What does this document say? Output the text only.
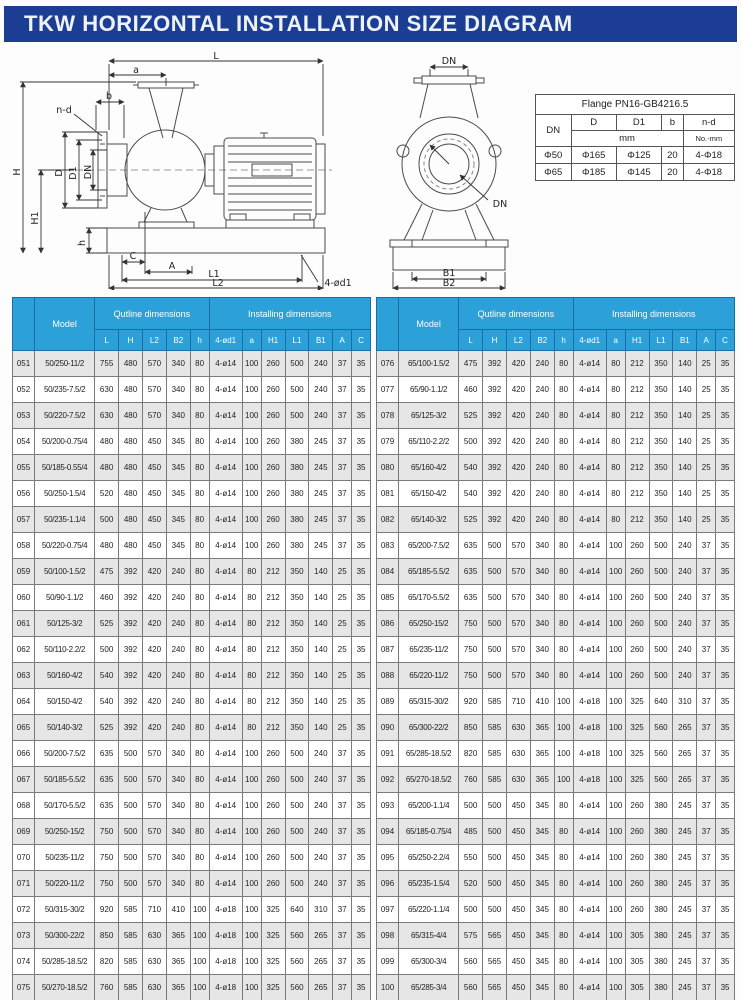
TKW HORIZONTAL INSTALLATION SIZE DIAGRAM
L
a
b
n-d
H
H1
D D1 DN
h
C
A
L1
L2	4-ød1
DN
DN
B1
B2
Flange PN16-GB4216.5				
DN	D	D1	b	n-d
	mm			No.-mm
Φ50	Φ165	Φ125	20	4-Φ18
Φ65	Φ185	Φ145	20	4-Φ18
	Model	Qutline dimensions					Installing dimensions						
		L	H	L2	B2	h	4-ød1	a	H1	L1	B1	A	C
051	50/250-11/2	755	480	570	340	80	4-ø14	100	260	500	240	37	35
052	50/235-7.5/2	630	480	570	340	80	4-ø14	100	260	500	240	37	35
053	50/220-7.5/2	630	480	570	340	80	4-ø14	100	260	500	240	37	35
054	50/200-0.75/4	480	480	450	345	80	4-ø14	100	260	380	245	37	35
055	50/185-0.55/4	480	480	450	345	80	4-ø14	100	260	380	245	37	35
056	50/250-1.5/4	520	480	450	345	80	4-ø14	100	260	380	245	37	35
057	50/235-1.1/4	500	480	450	345	80	4-ø14	100	260	380	245	37	35
058	50/220-0.75/4	480	480	450	345	80	4-ø14	100	260	380	245	37	35
059	50/100-1.5/2	475	392	420	240	80	4-ø14	80	212	350	140	25	35
060	50/90-1.1/2	460	392	420	240	80	4-ø14	80	212	350	140	25	35
061	50/125-3/2	525	392	420	240	80	4-ø14	80	212	350	140	25	35
062	50/110-2.2/2	500	392	420	240	80	4-ø14	80	212	350	140	25	35
063	50/160-4/2	540	392	420	240	80	4-ø14	80	212	350	140	25	35
064	50/150-4/2	540	392	420	240	80	4-ø14	80	212	350	140	25	35
065	50/140-3/2	525	392	420	240	80	4-ø14	80	212	350	140	25	35
066	50/200-7.5/2	635	500	570	340	80	4-ø14	100	260	500	240	37	35
067	50/185-5.5/2	635	500	570	340	80	4-ø14	100	260	500	240	37	35
068	50/170-5.5/2	635	500	570	340	80	4-ø14	100	260	500	240	37	35
069	50/250-15/2	750	500	570	340	80	4-ø14	100	260	500	240	37	35
070	50/235-11/2	750	500	570	340	80	4-ø14	100	260	500	240	37	35
071	50/220-11/2	750	500	570	340	80	4-ø14	100	260	500	240	37	35
072	50/315-30/2	920	585	710	410	100	4-ø18	100	325	640	310	37	35
073	50/300-22/2	850	585	630	365	100	4-ø18	100	325	560	265	37	35
074	50/285-18.5/2	820	585	630	365	100	4-ø18	100	325	560	265	37	35
075	50/270-18.5/2	760	585	630	365	100	4-ø18	100	325	560	265	37	35
	Model	Qutline dimensions					Installing dimensions						
		L	H	L2	B2	h	4-ød1	a	H1	L1	B1	A	C
076	65/100-1.5/2	475	392	420	240	80	4-ø14	80	212	350	140	25	35
077	65/90-1.1/2	460	392	420	240	80	4-ø14	80	212	350	140	25	35
078	65/125-3/2	525	392	420	240	80	4-ø14	80	212	350	140	25	35
079	65/110-2.2/2	500	392	420	240	80	4-ø14	80	212	350	140	25	35
080	65/160-4/2	540	392	420	240	80	4-ø14	80	212	350	140	25	35
081	65/150-4/2	540	392	420	240	80	4-ø14	80	212	350	140	25	35
082	65/140-3/2	525	392	420	240	80	4-ø14	80	212	350	140	25	35
083	65/200-7.5/2	635	500	570	340	80	4-ø14	100	260	500	240	37	35
084	65/185-5.5/2	635	500	570	340	80	4-ø14	100	260	500	240	37	35
085	65/170-5.5/2	635	500	570	340	80	4-ø14	100	260	500	240	37	35
086	65/250-15/2	750	500	570	340	80	4-ø14	100	260	500	240	37	35
087	65/235-11/2	750	500	570	340	80	4-ø14	100	260	500	240	37	35
088	65/220-11/2	750	500	570	340	80	4-ø14	100	260	500	240	37	35
089	65/315-30/2	920	585	710	410	100	4-ø18	100	325	640	310	37	35
090	65/300-22/2	850	585	630	365	100	4-ø18	100	325	560	265	37	35
091	65/285-18.5/2	820	585	630	365	100	4-ø18	100	325	560	265	37	35
092	65/270-18.5/2	760	585	630	365	100	4-ø18	100	325	560	265	37	35
093	65/200-1.1/4	500	500	450	345	80	4-ø14	100	260	380	245	37	35
094	65/185-0.75/4	485	500	450	345	80	4-ø14	100	260	380	245	37	35
095	65/250-2.2/4	550	500	450	345	80	4-ø14	100	260	380	245	37	35
096	65/235-1.5/4	520	500	450	345	80	4-ø14	100	260	380	245	37	35
097	65/220-1.1/4	500	500	450	345	80	4-ø14	100	260	380	245	37	35
098	65/315-4/4	575	565	450	345	80	4-ø14	100	305	380	245	37	35
099	65/300-3/4	560	565	450	345	80	4-ø14	100	305	380	245	37	35
100	65/285-3/4	560	565	450	345	80	4-ø14	100	305	380	245	37	35
